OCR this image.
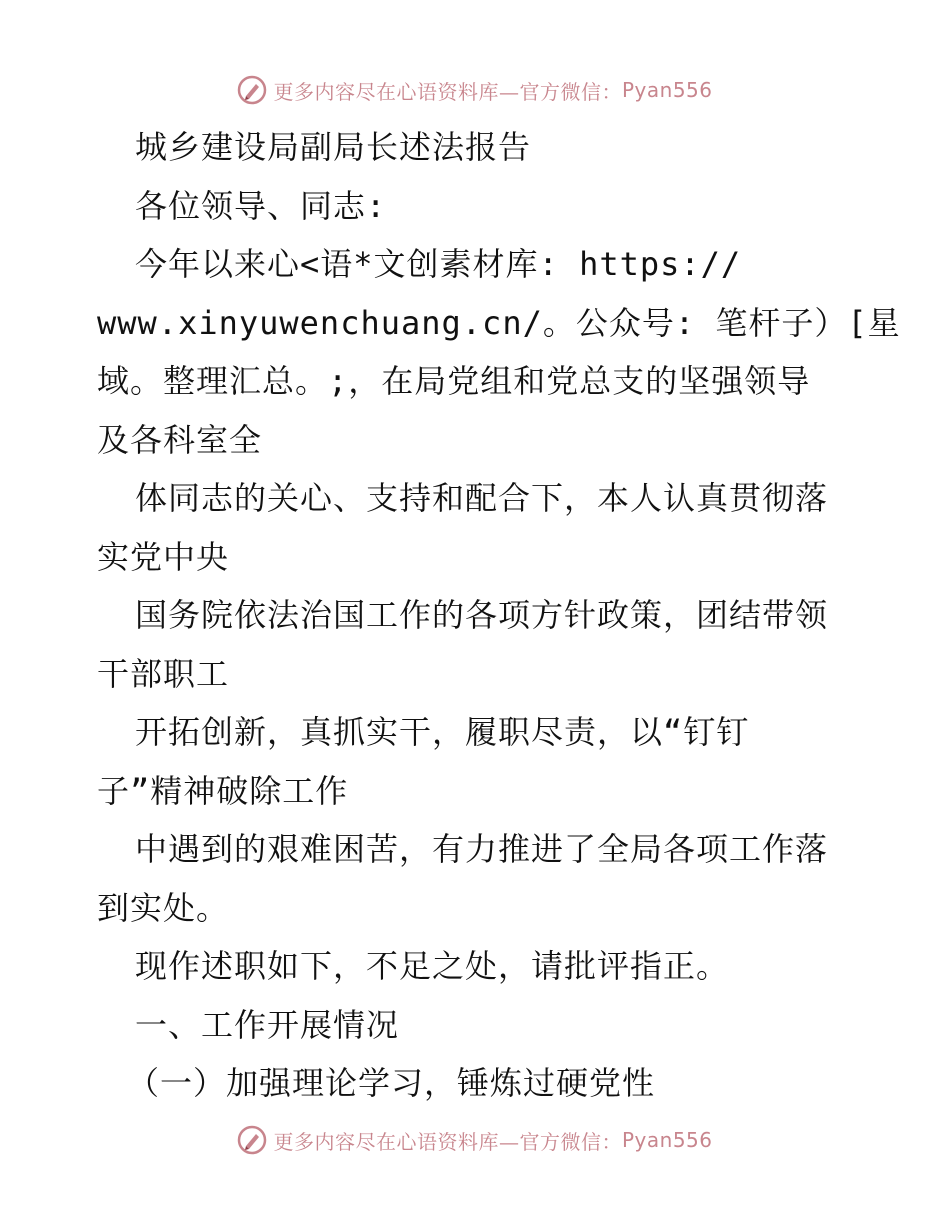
更多内容尽在心语资料库—官方微信： Pyan556
城乡建设局副局长述法报告
各位领导、同志:
今年以来心<语*文创素材库: https://
www.xinyuwenchuang.cn/。公众号: 笔杆子）[星
域。整理汇总。;，在局党组和党总支的坚强领导
及各科室全
体同志的关心、支持和配合下，本人认真贯彻落
实党中央
国务院依法治国工作的各项方针政策，团结带领
干部职工
开拓创新，真抓实干，履职尽责，以“钉钉
子”精神破除工作
中遇到的艰难困苦，有力推进了全局各项工作落
到实处。
现作述职如下，不足之处，请批评指正。
一、工作开展情况
（一）加强理论学习，锤炼过硬党性
更多内容尽在心语资料库—官方微信： Pyan556
